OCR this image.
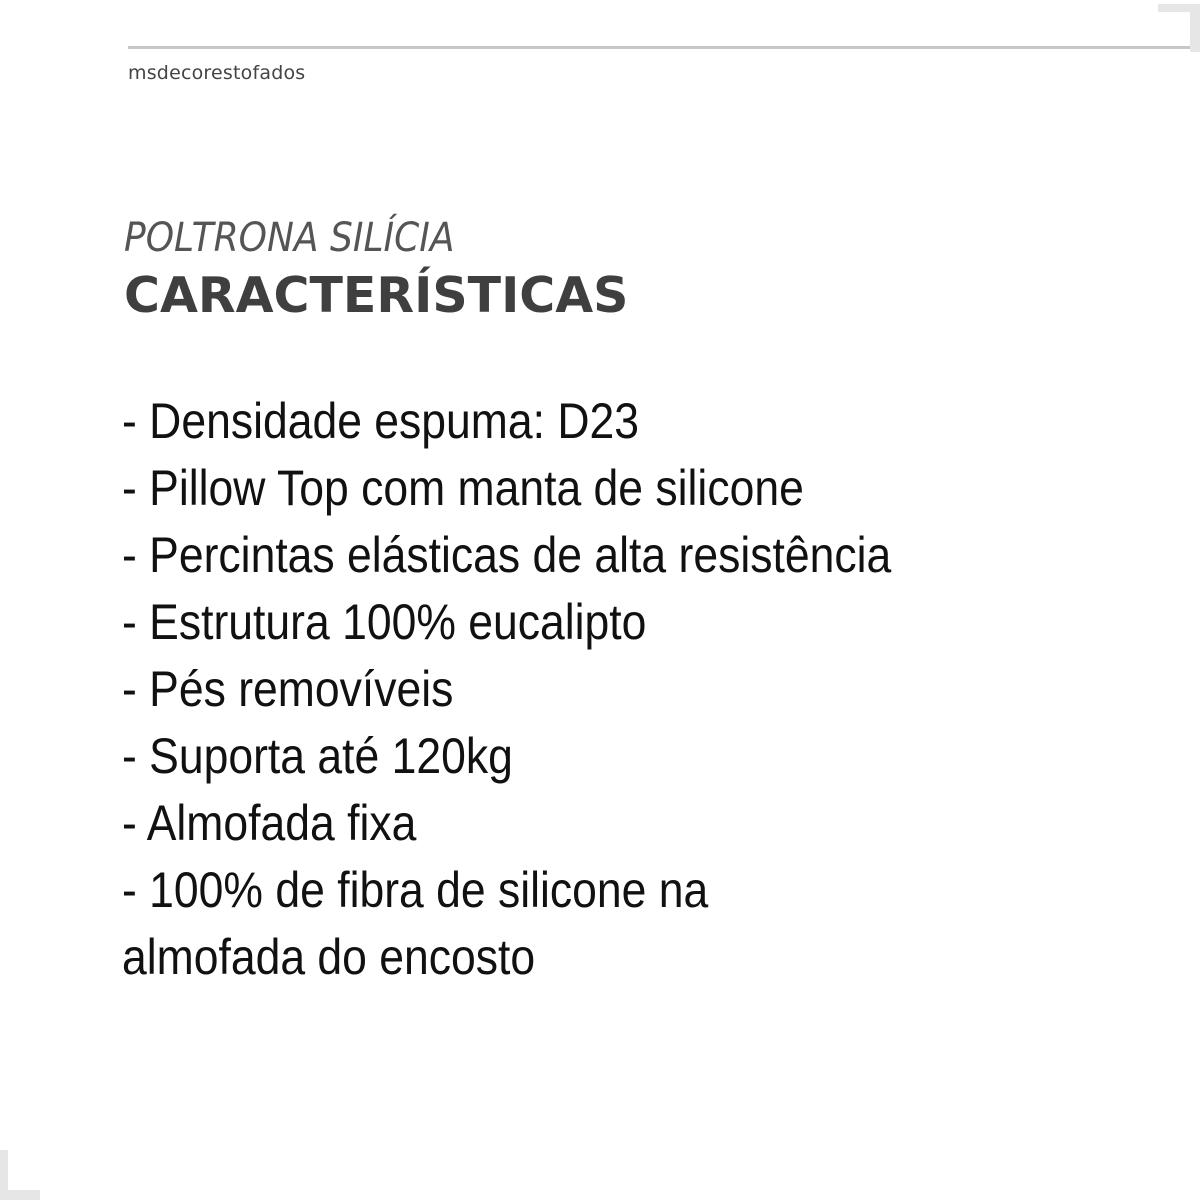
msdecorestofados
POLTRONA SILÍCIA
CARACTERÍSTICAS
- Densidade espuma: D23
- Pillow Top com manta de silicone
- Percintas elásticas de alta resistência
- Estrutura 100% eucalipto
- Pés removíveis
- Suporta até 120kg
- Almofada fixa
- 100% de fibra de silicone na
almofada do encosto
